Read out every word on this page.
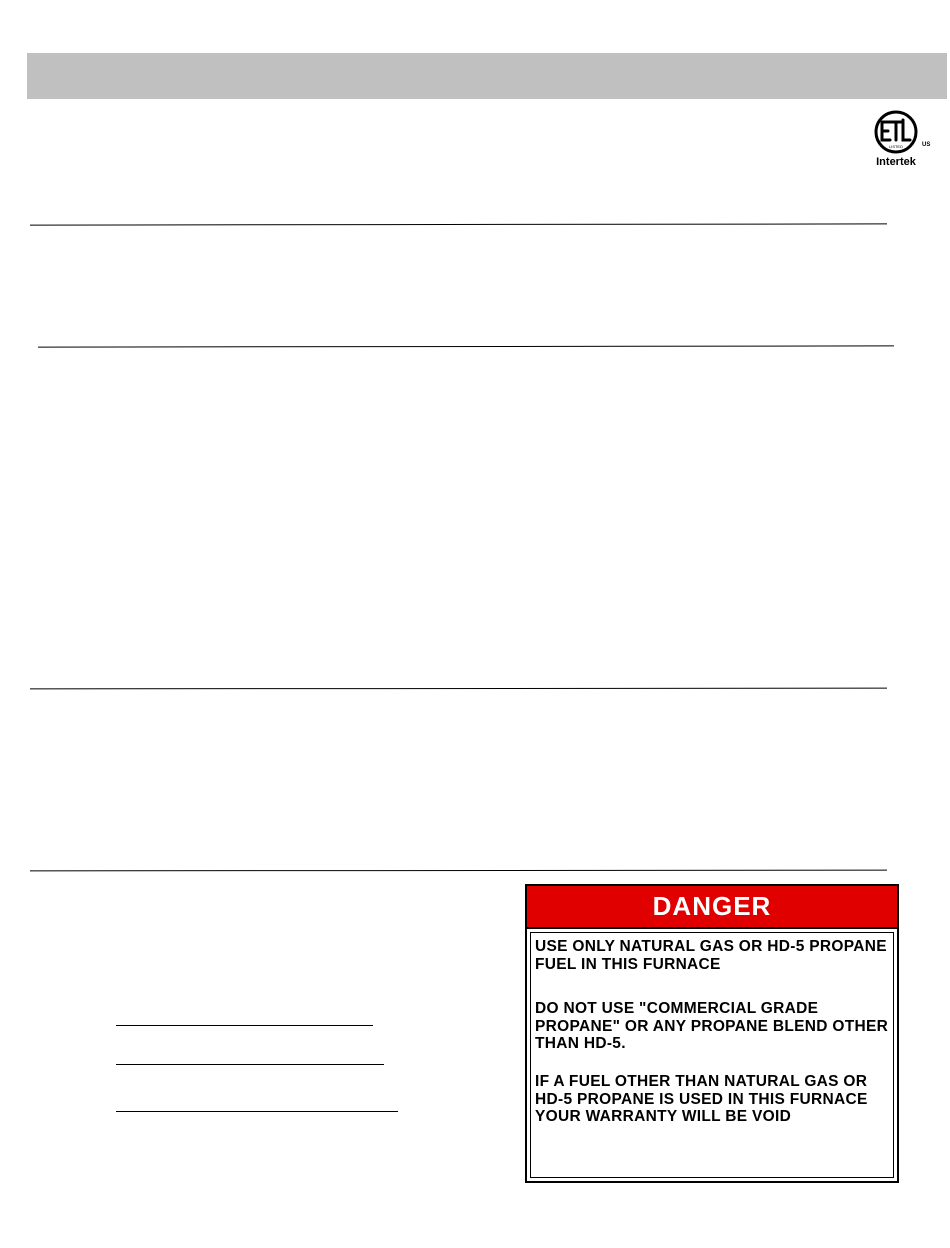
LISTED	US
Intertek
DANGER
USE ONLY NATURAL GAS OR HD-5 PROPANE FUEL IN THIS FURNACE
DO NOT USE "COMMERCIAL GRADE PROPANE" OR ANY PROPANE BLEND OTHER THAN HD-5.
IF A FUEL OTHER THAN NATURAL GAS OR HD-5 PROPANE IS USED IN THIS FURNACE YOUR WARRANTY WILL BE VOID
